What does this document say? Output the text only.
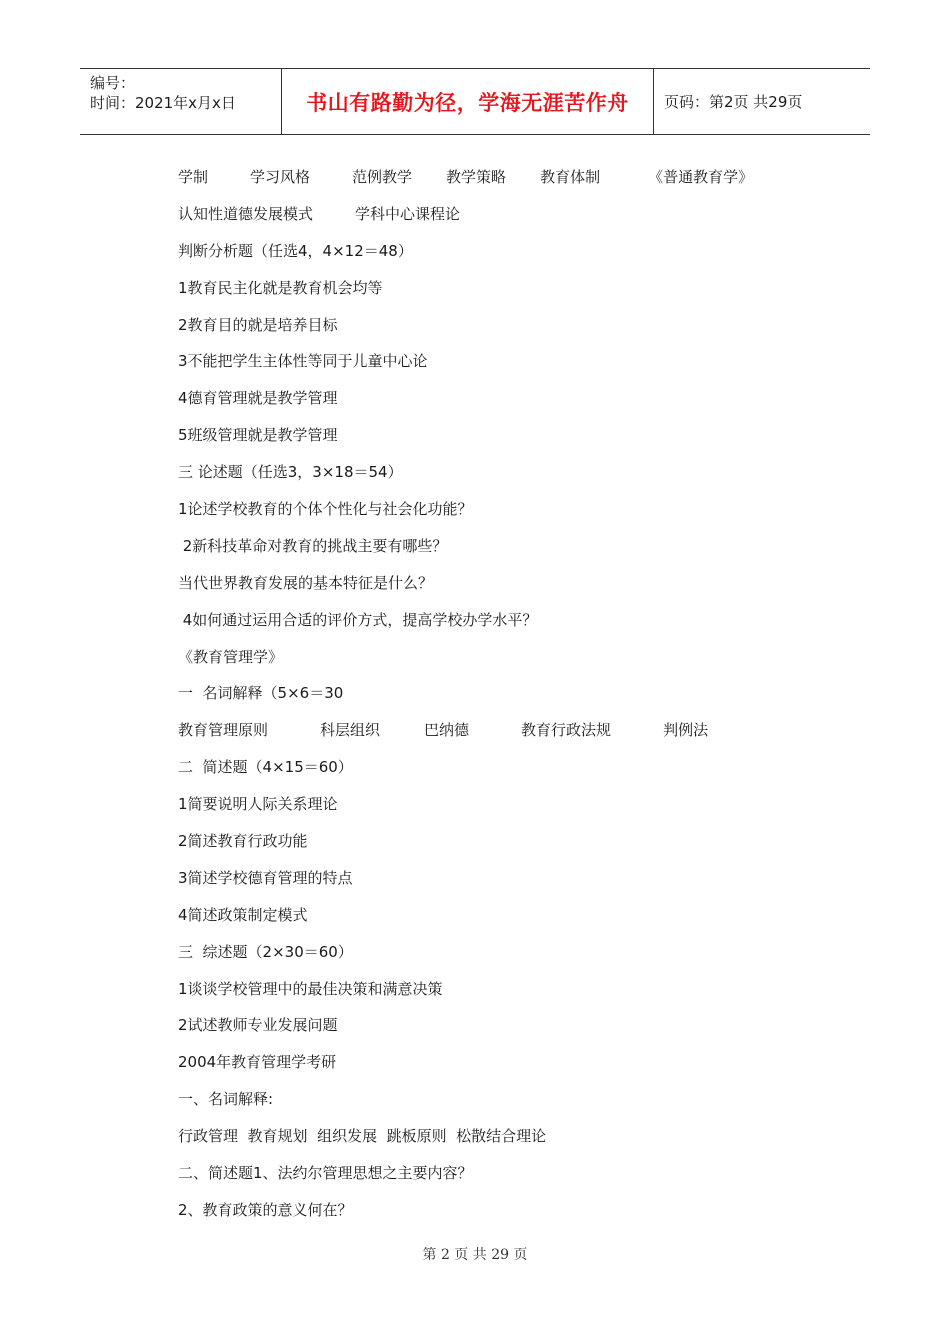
编号：
时间：2021年x月x日	书山有路勤为径，学海无涯苦作舟	页码：第2页 共29页
学制	学习风格	范例教学 教学策略 教育体制	《普通教育学》
认知性道德发展模式	学科中心课程论
判断分析题（任选4，4×12＝48）
1教育民主化就是教育机会均等
2教育目的就是培养目标
3不能把学生主体性等同于儿童中心论
4德育管理就是教学管理
5班级管理就是教学管理
三 论述题（任选3，3×18＝54）
1论述学校教育的个体个性化与社会化功能？
2新科技革命对教育的挑战主要有哪些？
当代世界教育发展的基本特征是什么？
4如何通过运用合适的评价方式，提高学校办学水平？
《教育管理学》
一  名词解释（5×6＝30
教育管理原则	科层组织	巴纳德	教育行政法规	判例法
二  简述题（4×15＝60）
1简要说明人际关系理论
2简述教育行政功能
3简述学校德育管理的特点
4简述政策制定模式
三  综述题（2×30＝60）
1谈谈学校管理中的最佳决策和满意决策
2试述教师专业发展问题
2004年教育管理学考研
一、名词解释:
行政管理  教育规划  组织发展  跳板原则  松散结合理论
二、简述题1、法约尔管理思想之主要内容？
2、教育政策的意义何在？
第 2 页 共 29 页
